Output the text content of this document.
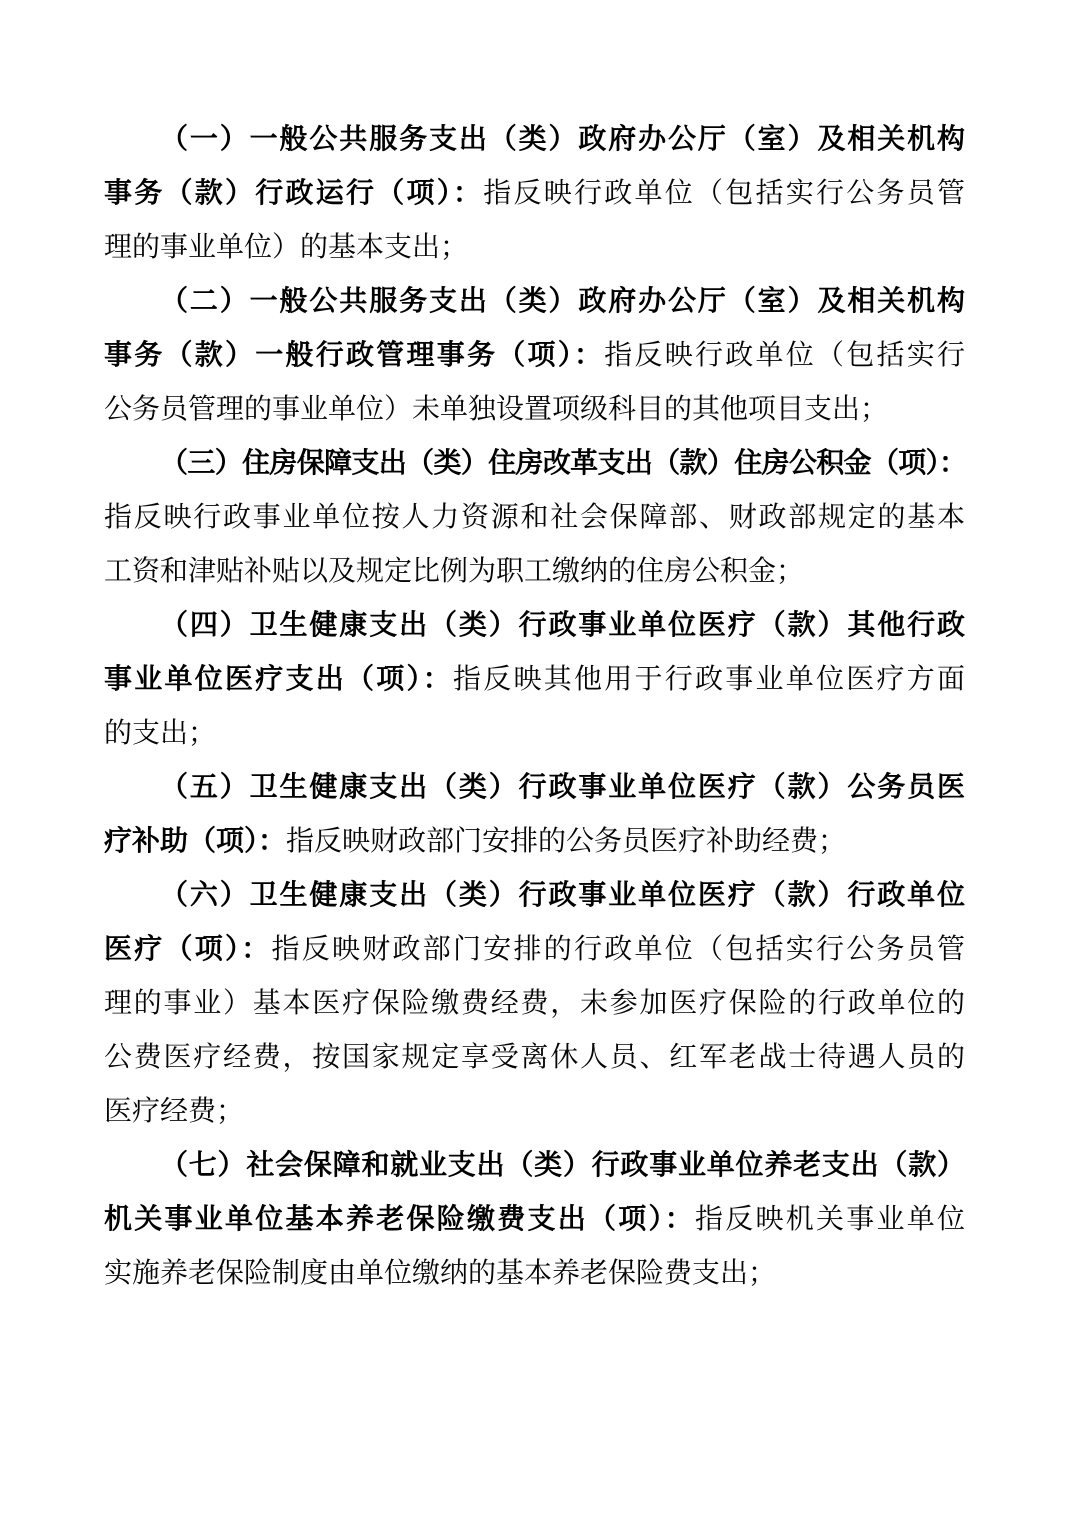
（一）一般公共服务支出（类）政府办公厅（室）及相关机构
事务（款）行政运行（项）：指反映行政单位（包括实行公务员管
理的事业单位）的基本支出；
（二）一般公共服务支出（类）政府办公厅（室）及相关机构
事务（款）一般行政管理事务（项）：指反映行政单位（包括实行
公务员管理的事业单位）未单独设置项级科目的其他项目支出；
（三）住房保障支出（类）住房改革支出（款）住房公积金（项）：
指反映行政事业单位按人力资源和社会保障部、财政部规定的基本
工资和津贴补贴以及规定比例为职工缴纳的住房公积金；
（四）卫生健康支出（类）行政事业单位医疗（款）其他行政
事业单位医疗支出（项）：指反映其他用于行政事业单位医疗方面
的支出；
（五）卫生健康支出（类）行政事业单位医疗（款）公务员医
疗补助（项）：指反映财政部门安排的公务员医疗补助经费；
（六）卫生健康支出（类）行政事业单位医疗（款）行政单位
医疗（项）：指反映财政部门安排的行政单位（包括实行公务员管
理的事业）基本医疗保险缴费经费，未参加医疗保险的行政单位的
公费医疗经费，按国家规定享受离休人员、红军老战士待遇人员的
医疗经费；
（七）社会保障和就业支出（类）行政事业单位养老支出（款）
机关事业单位基本养老保险缴费支出（项）：指反映机关事业单位
实施养老保险制度由单位缴纳的基本养老保险费支出；
